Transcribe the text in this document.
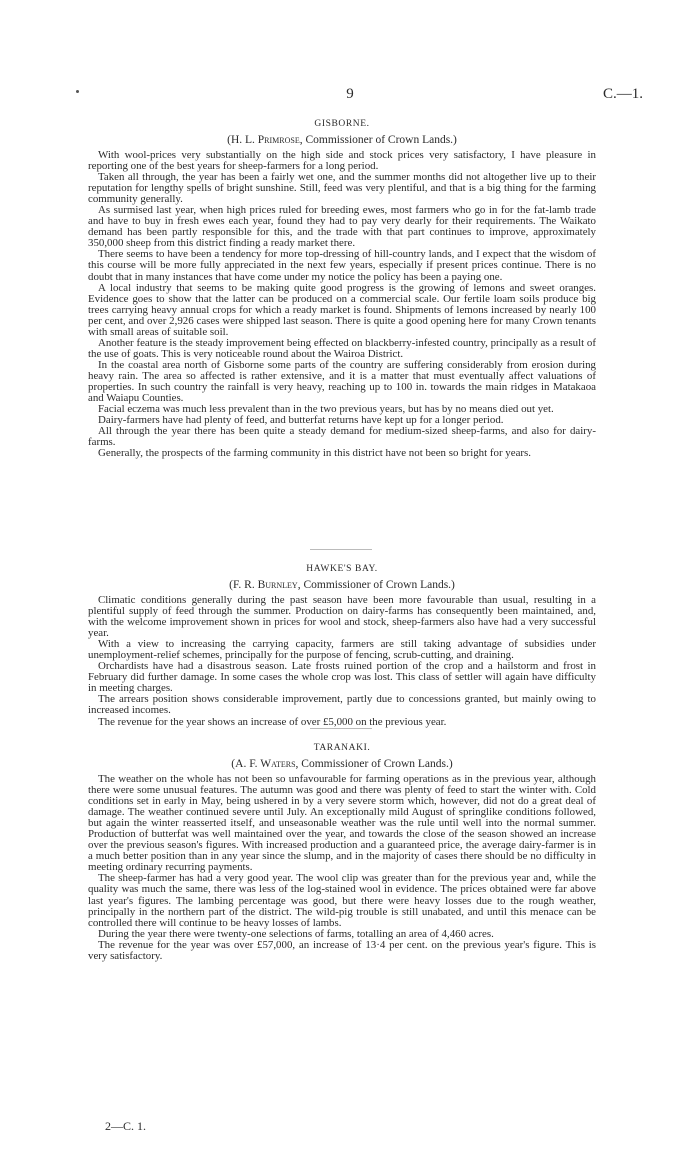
9	C.—1.
GISBORNE.
(H. L. Primrose, Commissioner of Crown Lands.)

With wool-prices very substantially on the high side and stock prices very satisfactory, I have pleasure in reporting one of the best years for sheep-farmers for a long period.

Taken all through, the year has been a fairly wet one, and the summer months did not altogether live up to their reputation for lengthy spells of bright sunshine. Still, feed was very plentiful, and that is a big thing for the farming community generally.

As surmised last year, when high prices ruled for breeding ewes, most farmers who go in for the fat-lamb trade and have to buy in fresh ewes each year, found they had to pay very dearly for their requirements. The Waikato demand has been partly responsible for this, and the trade with that part continues to improve, approximately 350,000 sheep from this district finding a ready market there.

There seems to have been a tendency for more top-dressing of hill-country lands, and I expect that the wisdom of this course will be more fully appreciated in the next few years, especially if present prices continue. There is no doubt that in many instances that have come under my notice the policy has been a paying one.

A local industry that seems to be making quite good progress is the growing of lemons and sweet oranges. Evidence goes to show that the latter can be produced on a commercial scale. Our fertile loam soils produce big trees carrying heavy annual crops for which a ready market is found. Shipments of lemons increased by nearly 100 per cent, and over 2,926 cases were shipped last season. There is quite a good opening here for many Crown tenants with small areas of suitable soil.

Another feature is the steady improvement being effected on blackberry-infested country, principally as a result of the use of goats. This is very noticeable round about the Wairoa District.

In the coastal area north of Gisborne some parts of the country are suffering considerably from erosion during heavy rain. The area so affected is rather extensive, and it is a matter that must eventually affect valuations of properties. In such country the rainfall is very heavy, reaching up to 100 in. towards the main ridges in Matakaoa and Waiapu Counties.

Facial eczema was much less prevalent than in the two previous years, but has by no means died out yet.

Dairy-farmers have had plenty of feed, and butterfat returns have kept up for a longer period.

All through the year there has been quite a steady demand for medium-sized sheep-farms, and also for dairy-farms.

Generally, the prospects of the farming community in this district have not been so bright for years.

HAWKE'S BAY.
(F. R. Burnley, Commissioner of Crown Lands.)

Climatic conditions generally during the past season have been more favourable than usual, resulting in a plentiful supply of feed through the summer. Production on dairy-farms has consequently been maintained, and, with the welcome improvement shown in prices for wool and stock, sheep-farmers also have had a very successful year.

With a view to increasing the carrying capacity, farmers are still taking advantage of subsidies under unemployment-relief schemes, principally for the purpose of fencing, scrub-cutting, and draining.

Orchardists have had a disastrous season. Late frosts ruined portion of the crop and a hailstorm and frost in February did further damage. In some cases the whole crop was lost. This class of settler will again have difficulty in meeting charges.

The arrears position shows considerable improvement, partly due to concessions granted, but mainly owing to increased incomes.

The revenue for the year shows an increase of over £5,000 on the previous year.

TARANAKI.
(A. F. Waters, Commissioner of Crown Lands.)

The weather on the whole has not been so unfavourable for farming operations as in the previous year, although there were some unusual features. The autumn was good and there was plenty of feed to start the winter with. Cold conditions set in early in May, being ushered in by a very severe storm which, however, did not do a great deal of damage. The weather continued severe until July. An exceptionally mild August of springlike conditions followed, but again the winter reasserted itself, and unseasonable weather was the rule until well into the normal summer. Production of butterfat was well maintained over the year, and towards the close of the season showed an increase over the previous season's figures. With increased production and a guaranteed price, the average dairy-farmer is in a much better position than in any year since the slump, and in the majority of cases there should be no difficulty in meeting ordinary recurring payments.

The sheep-farmer has had a very good year. The wool clip was greater than for the previous year and, while the quality was much the same, there was less of the log-stained wool in evidence. The prices obtained were far above last year's figures. The lambing percentage was good, but there were heavy losses due to the rough weather, principally in the northern part of the district. The wild-pig trouble is still unabated, and until this menace can be controlled there will continue to be heavy losses of lambs.

During the year there were twenty-one selections of farms, totalling an area of 4,460 acres.

The revenue for the year was over £57,000, an increase of 13·4 per cent. on the previous year's figure. This is very satisfactory.

2—C. 1.
